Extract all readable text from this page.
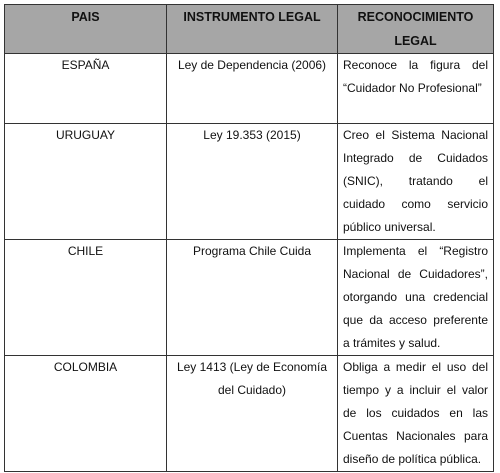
PAIS	INSTRUMENTO LEGAL	RECONOCIMIENTO LEGAL
ESPAÑA	Ley de Dependencia (2006)	Reconoce la figura del “Cuidador No Profesional”
URUGUAY	Ley 19.353 (2015)	Creo el Sistema Nacional Integrado de Cuidados (SNIC), tratando el cuidado como servicio público universal.
CHILE	Programa Chile Cuida	Implementa el “Registro Nacional de Cuidadores”, otorgando una credencial que da acceso preferente a trámites y salud.
COLOMBIA	Ley 1413 (Ley de Economía del Cuidado)	Obliga a medir el uso del tiempo y a incluir el valor de los cuidados en las Cuentas Nacionales para diseño de política pública.
